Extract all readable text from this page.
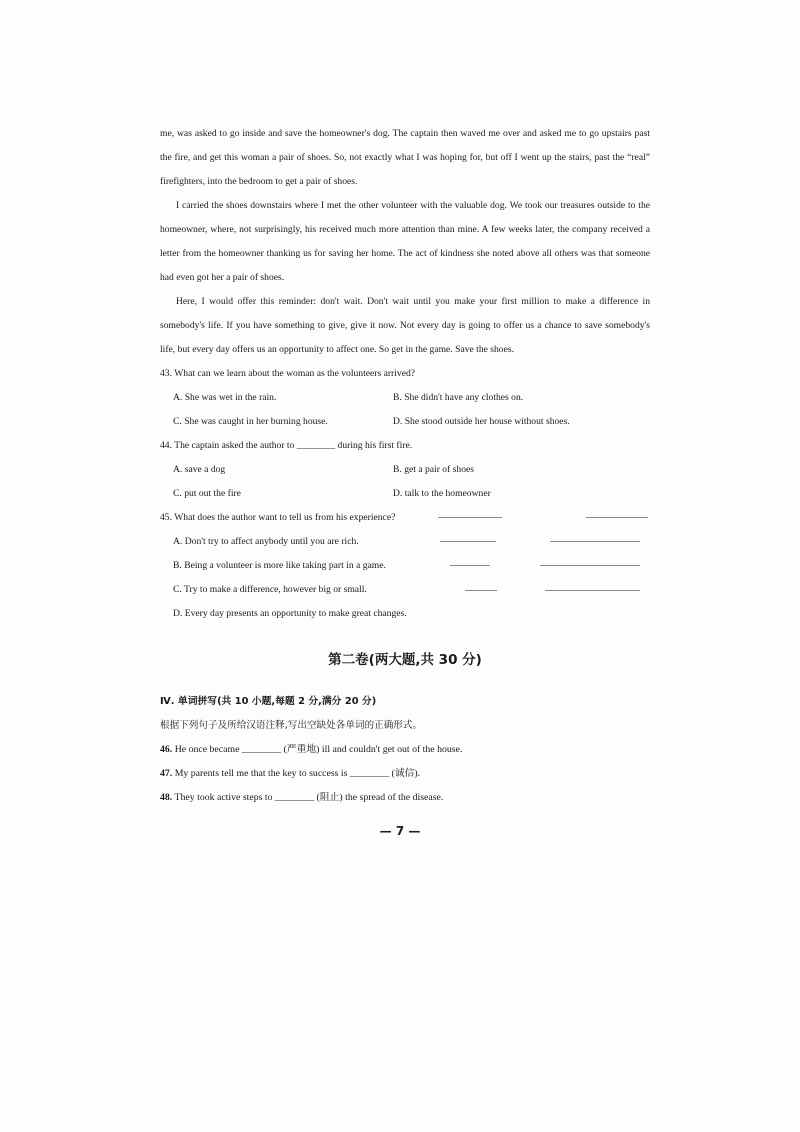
me, was asked to go inside and save the homeowner's dog. The captain then waved me over and asked me to go upstairs past the fire, and get this woman a pair of shoes. So, not exactly what I was hoping for, but off I went up the stairs, past the “real” firefighters, into the bedroom to get a pair of shoes.

I carried the shoes downstairs where I met the other volunteer with the valuable dog. We took our treasures outside to the homeowner, where, not surprisingly, his received much more attention than mine. A few weeks later, the company received a letter from the homeowner thanking us for saving her home. The act of kindness she noted above all others was that someone had even got her a pair of shoes.

Here, I would offer this reminder: don't wait. Don't wait until you make your first million to make a difference in somebody's life. If you have something to give, give it now. Not every day is going to offer us a chance to save somebody's life, but every day offers us an opportunity to affect one. So get in the game. Save the shoes.

43. What can we learn about the woman as the volunteers arrived?

A. She was wet in the rain.	B. She didn't have any clothes on.

C. She was caught in her burning house.	D. She stood outside her house without shoes.

44. The captain asked the author to ________ during his first fire.

A. save a dog	B. get a pair of shoes

C. put out the fire	D. talk to the homeowner

45. What does the author want to tell us from his experience?

A. Don't try to affect anybody until you are rich.

B. Being a volunteer is more like taking part in a game.

C. Try to make a difference, however big or small.

D. Every day presents an opportunity to make great changes.

第二卷(两大题,共 30 分)

Ⅳ. 单词拼写(共 10 小题,每题 2 分,满分 20 分)

根据下列句子及所给汉语注释,写出空缺处各单词的正确形式。

46. He once became ________ (严重地) ill and couldn't get out of the house.

47. My parents tell me that the key to success is ________ (诚信).

48. They took active steps to ________ (阻止) the spread of the disease.

— 7 —
